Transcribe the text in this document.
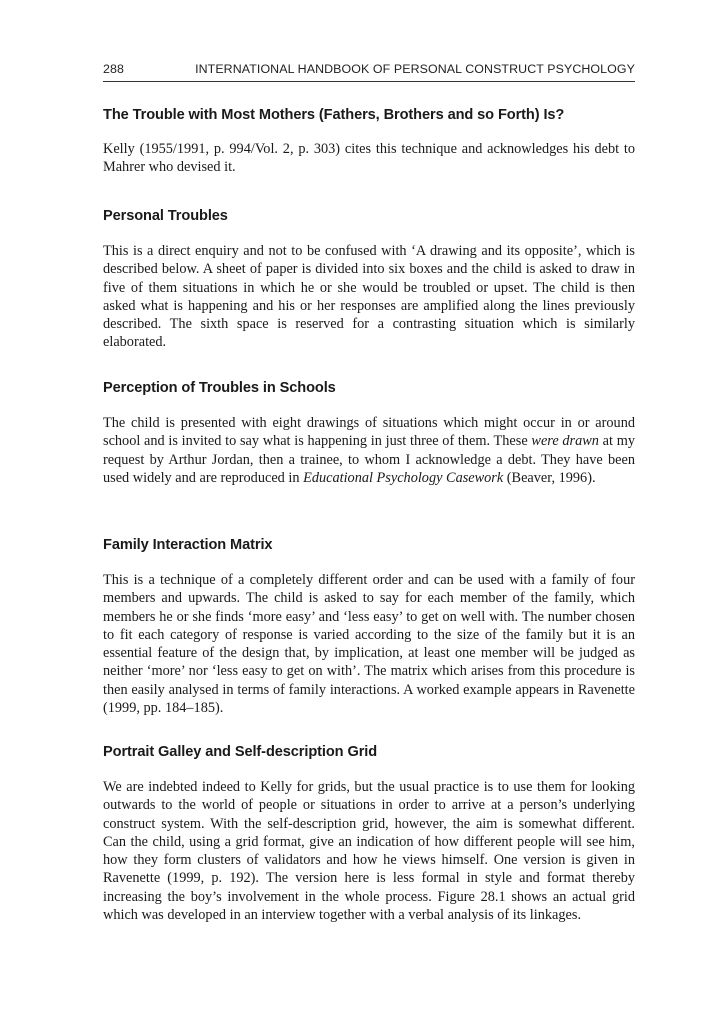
288	INTERNATIONAL HANDBOOK OF PERSONAL CONSTRUCT PSYCHOLOGY
The Trouble with Most Mothers (Fathers, Brothers and so Forth) Is?

Kelly (1955/1991, p. 994/Vol. 2, p. 303) cites this technique and acknowledges his debt to Mahrer who devised it.

Personal Troubles

This is a direct enquiry and not to be confused with ‘A drawing and its opposite’, which is described below. A sheet of paper is divided into six boxes and the child is asked to draw in five of them situations in which he or she would be troubled or upset. The child is then asked what is happening and his or her responses are amplified along the lines previously described. The sixth space is reserved for a contrasting situation which is similarly elaborated.

Perception of Troubles in Schools

The child is presented with eight drawings of situations which might occur in or around school and is invited to say what is happening in just three of them. These were drawn at my request by Arthur Jordan, then a trainee, to whom I acknowledge a debt. They have been used widely and are reproduced in Educational Psychology Casework (Beaver, 1996).

Family Interaction Matrix

This is a technique of a completely different order and can be used with a family of four members and upwards. The child is asked to say for each member of the family, which members he or she finds ‘more easy’ and ‘less easy’ to get on well with. The number chosen to fit each category of response is varied according to the size of the family but it is an essential feature of the design that, by implication, at least one member will be judged as neither ‘more’ nor ‘less easy to get on with’. The matrix which arises from this procedure is then easily analysed in terms of family interactions. A worked example appears in Ravenette (1999, pp. 184–185).

Portrait Galley and Self-description Grid

We are indebted indeed to Kelly for grids, but the usual practice is to use them for looking outwards to the world of people or situations in order to arrive at a person’s underlying construct system. With the self-description grid, however, the aim is somewhat different. Can the child, using a grid format, give an indication of how different people will see him, how they form clusters of validators and how he views himself. One version is given in Ravenette (1999, p. 192). The version here is less formal in style and format thereby increasing the boy’s involvement in the whole process. Figure 28.1 shows an actual grid which was developed in an interview together with a verbal analysis of its linkages.
